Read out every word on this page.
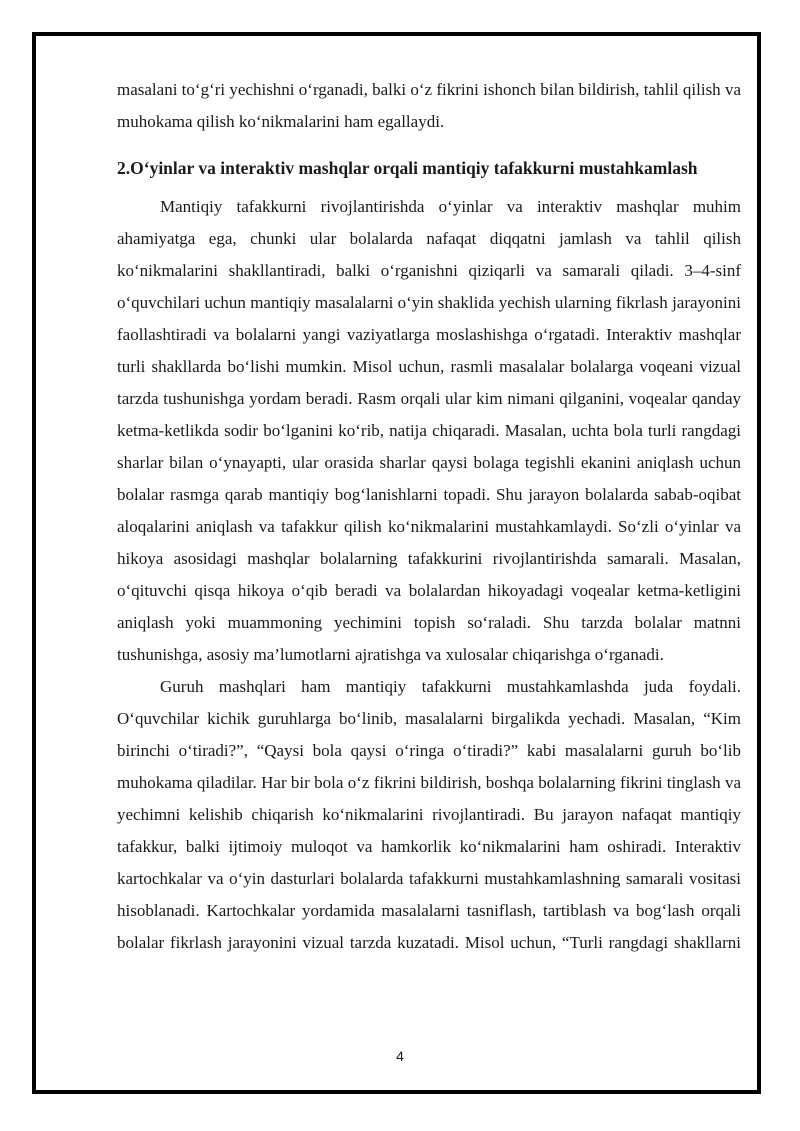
masalani to‘g‘ri yechishni o‘rganadi, balki o‘z fikrini ishonch bilan bildirish, tahlil qilish va muhokama qilish ko‘nikmalarini ham egallaydi.

2.O‘yinlar va interaktiv mashqlar orqali mantiqiy tafakkurni mustahkamlash

Mantiqiy tafakkurni rivojlantirishda o‘yinlar va interaktiv mashqlar muhim ahamiyatga ega, chunki ular bolalarda nafaqat diqqatni jamlash va tahlil qilish ko‘nikmalarini shakllantiradi, balki o‘rganishni qiziqarli va samarali qiladi. 3–4-sinf o‘quvchilari uchun mantiqiy masalalarni o‘yin shaklida yechish ularning fikrlash jarayonini faollashtiradi va bolalarni yangi vaziyatlarga moslashishga o‘rgatadi. Interaktiv mashqlar turli shakllarda bo‘lishi mumkin. Misol uchun, rasmli masalalar bolalarga voqeani vizual tarzda tushunishga yordam beradi. Rasm orqali ular kim nimani qilganini, voqealar qanday ketma-ketlikda sodir bo‘lganini ko‘rib, natija chiqaradi. Masalan, uchta bola turli rangdagi sharlar bilan o‘ynayapti, ular orasida sharlar qaysi bolaga tegishli ekanini aniqlash uchun bolalar rasmga qarab mantiqiy bog‘lanishlarni topadi. Shu jarayon bolalarda sabab-oqibat aloqalarini aniqlash va tafakkur qilish ko‘nikmalarini mustahkamlaydi. So‘zli o‘yinlar va hikoya asosidagi mashqlar bolalarning tafakkurini rivojlantirishda samarali. Masalan, o‘qituvchi qisqa hikoya o‘qib beradi va bolalardan hikoyadagi voqealar ketma-ketligini aniqlash yoki muammoning yechimini topish so‘raladi. Shu tarzda bolalar matnni tushunishga, asosiy ma’lumotlarni ajratishga va xulosalar chiqarishga o‘rganadi.

Guruh mashqlari ham mantiqiy tafakkurni mustahkamlashda juda foydali. O‘quvchilar kichik guruhlarga bo‘linib, masalalarni birgalikda yechadi. Masalan, “Kim birinchi o‘tiradi?”, “Qaysi bola qaysi o‘ringa o‘tiradi?” kabi masalalarni guruh bo‘lib muhokama qiladilar. Har bir bola o‘z fikrini bildirish, boshqa bolalarning fikrini tinglash va yechimni kelishib chiqarish ko‘nikmalarini rivojlantiradi. Bu jarayon nafaqat mantiqiy tafakkur, balki ijtimoiy muloqot va hamkorlik ko‘nikmalarini ham oshiradi. Interaktiv kartochkalar va o‘yin dasturlari bolalarda tafakkurni mustahkamlashning samarali vositasi hisoblanadi. Kartochkalar yordamida masalalarni tasniflash, tartiblash va bog‘lash orqali bolalar fikrlash jarayonini vizual tarzda kuzatadi. Misol uchun, “Turli rangdagi shakllarni

4
